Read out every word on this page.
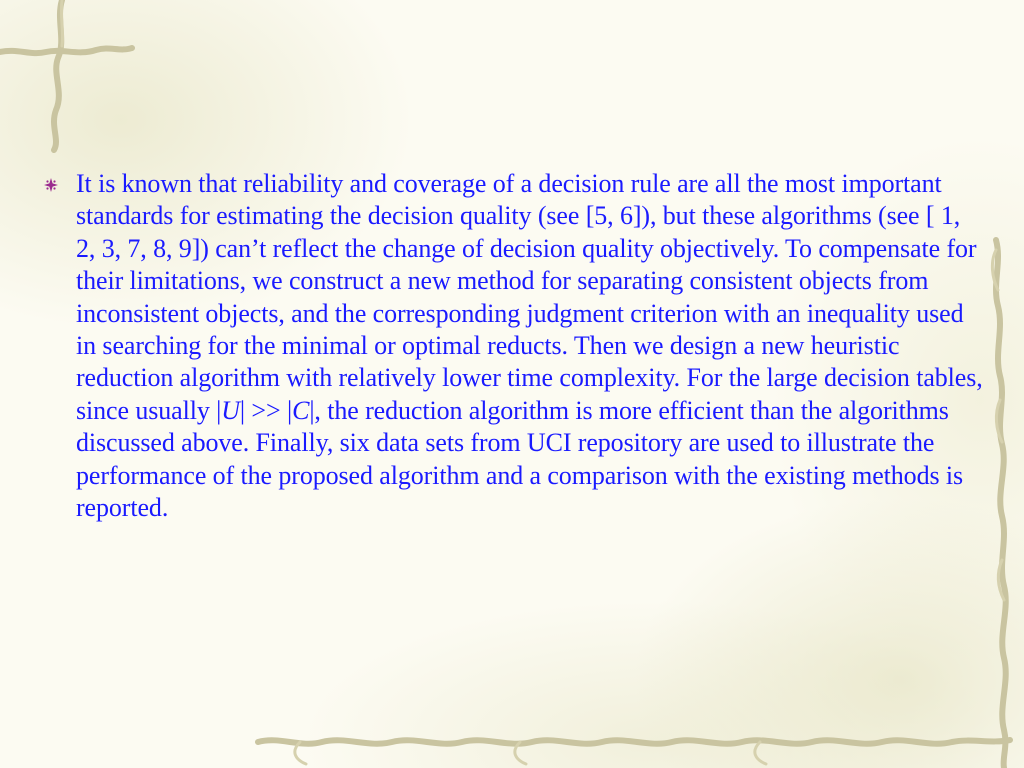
It is known that reliability and coverage of a decision rule are all the most important standards for estimating the decision quality (see [5, 6]), but these algorithms (see [ 1, 2, 3, 7, 8, 9]) can’t reflect the change of decision quality objectively. To compensate for their limitations, we construct a new method for separating consistent objects from inconsistent objects, and the corresponding judgment criterion with an inequality used in searching for the minimal or optimal reducts. Then we design a new heuristic reduction algorithm with relatively lower time complexity. For the large decision tables, since usually |U| >> |C|, the reduction algorithm is more efficient than the algorithms discussed above. Finally, six data sets from UCI repository are used to illustrate the performance of the proposed algorithm and a comparison with the existing methods is reported.
